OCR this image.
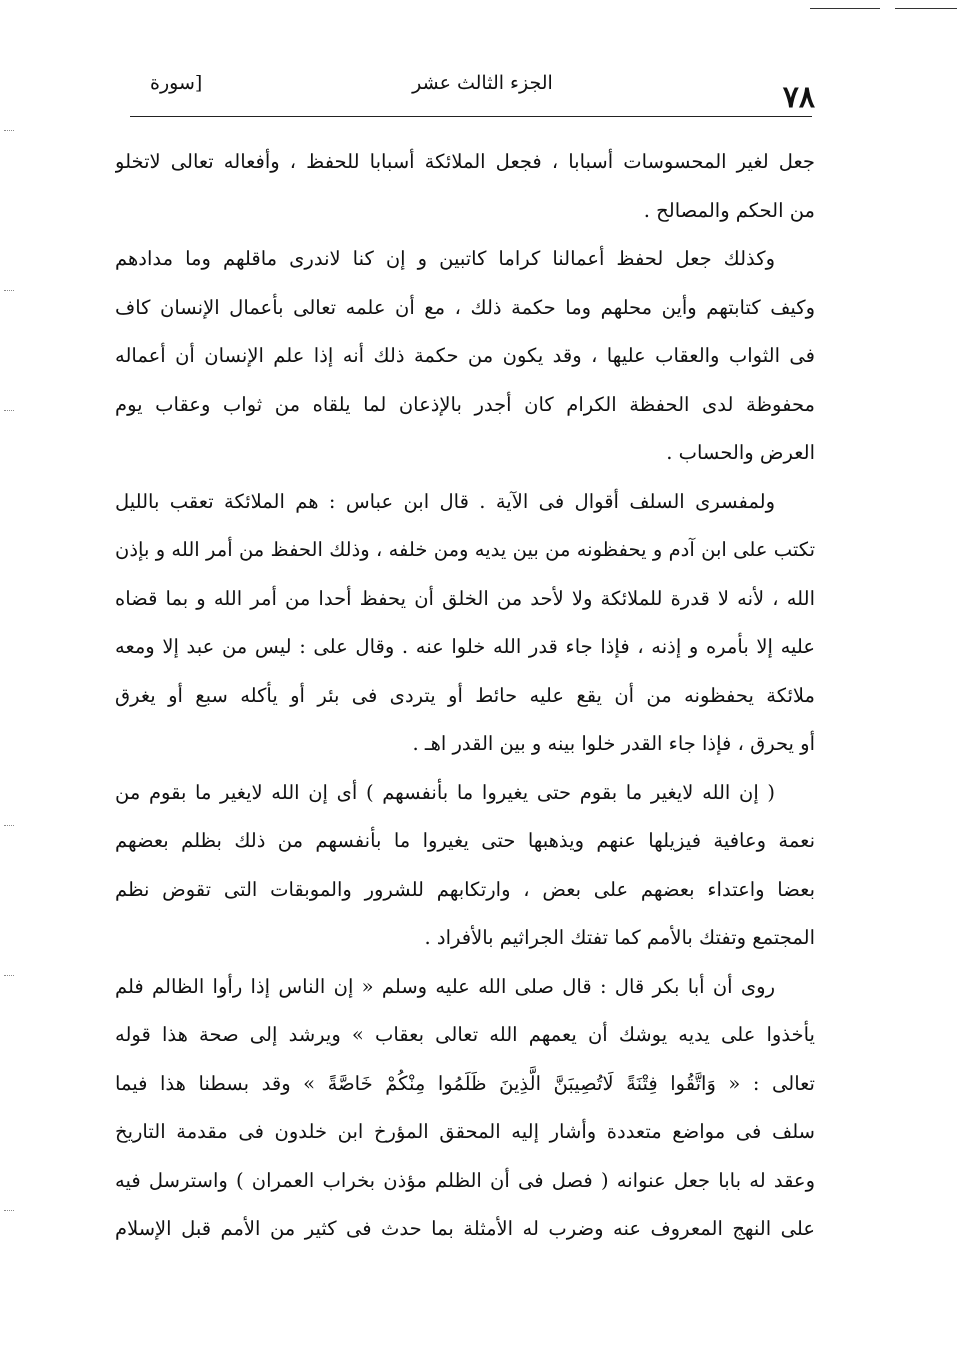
٧٨
الجزء الثالث عشر
[سورة
جعل لغير المحسوسات أسبابا ، فجعل الملائكة أسبابا للحفظ ، وأفعاله تعالى لاتخلو
من الحكم والمصالح .
وكذلك جعل لحفظ أعمالنا كراما كاتبين و إن كنا لاندرى ماقلهم وما مدادهم
وكيف كتابتهم وأين محلهم وما حكمة ذلك ، مع أن علمه تعالى بأعمال الإنسان كاف
فى الثواب والعقاب عليها ، وقد يكون من حكمة ذلك أنه إذا علم الإنسان أن أعماله
محفوظة لدى الحفظة الكرام كان أجدر بالإذعان لما يلقاه من ثواب وعقاب يوم
العرض والحساب .
ولمفسرى السلف أقوال فى الآية . قال ابن عباس : هم الملائكة تعقب بالليل
تكتب على ابن آدم و يحفظونه من بين يديه ومن خلفه ، وذلك الحفظ من أمر الله و بإذن
الله ، لأنه لا قدرة للملائكة ولا لأحد من الخلق أن يحفظ أحدا من أمر الله و بما قضاه
عليه إلا بأمره و إذنه ، فإذا جاء قدر الله خلوا عنه . وقال على : ليس من عبد إلا ومعه
ملائكة يحفظونه من أن يقع عليه حائط أو يتردى فى بئر أو يأكله سبع أو يغرق
أو يحرق ، فإذا جاء القدر خلوا بينه و بين القدر اهـ .
( إن الله لايغير ما بقوم حتى يغيروا ما بأنفسهم ) أى إن الله لايغير ما بقوم من
نعمة وعافية فيزيلها عنهم ويذهبها حتى يغيروا ما بأنفسهم من ذلك بظلم بعضهم
بعضا واعتداء بعضهم على بعض ، وارتكابهم للشرور والموبقات التى تقوض نظم
المجتمع وتفتك بالأمم كما تفتك الجراثيم بالأفراد .
روى أن أبا بكر قال : قال صلى الله عليه وسلم « إن الناس إذا رأوا الظالم فلم
يأخذوا على يديه يوشك أن يعمهم الله تعالى بعقاب » ويرشد إلى صحة هذا قوله
تعالى : « وَاتَّقُوا فِتْنَةً لَاتُصِيبَنَّ الَّذِينَ ظَلَمُوا مِنْكُمْ خَاصَّةً » وقد بسطنا هذا فيما
سلف فى مواضع متعددة وأشار إليه المحقق المؤرخ ابن خلدون فى مقدمة التاريخ
وعقد له بابا جعل عنوانه ( فصل فى أن الظلم مؤذن بخراب العمران ) واسترسل فيه
على النهج المعروف عنه وضرب له الأمثلة بما حدث فى كثير من الأمم قبل الإسلام
